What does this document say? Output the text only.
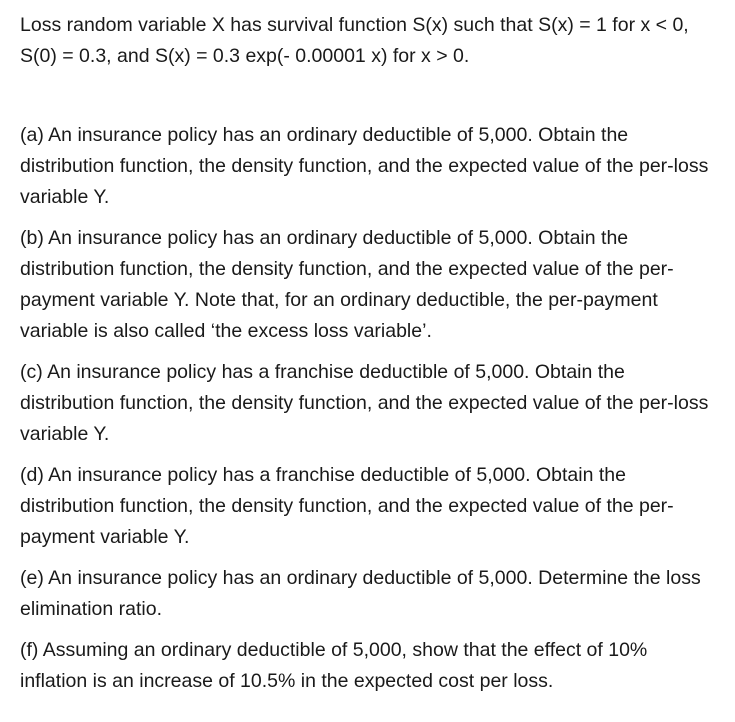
Loss random variable X has survival function S(x) such that S(x) = 1 for x < 0, S(0) = 0.3, and S(x) = 0.3 exp(- 0.00001 x) for x > 0.

(a) An insurance policy has an ordinary deductible of 5,000. Obtain the distribution function, the density function, and the expected value of the per-loss variable Y.

(b) An insurance policy has an ordinary deductible of 5,000. Obtain the distribution function, the density function, and the expected value of the per-payment variable Y. Note that, for an ordinary deductible, the per-payment variable is also called ‘the excess loss variable’.

(c) An insurance policy has a franchise deductible of 5,000. Obtain the distribution function, the density function, and the expected value of the per-loss variable Y.

(d) An insurance policy has a franchise deductible of 5,000. Obtain the distribution function, the density function, and the expected value of the per-payment variable Y.

(e) An insurance policy has an ordinary deductible of 5,000. Determine the loss elimination ratio.

(f) Assuming an ordinary deductible of 5,000, show that the effect of 10% inflation is an increase of 10.5% in the expected cost per loss.
